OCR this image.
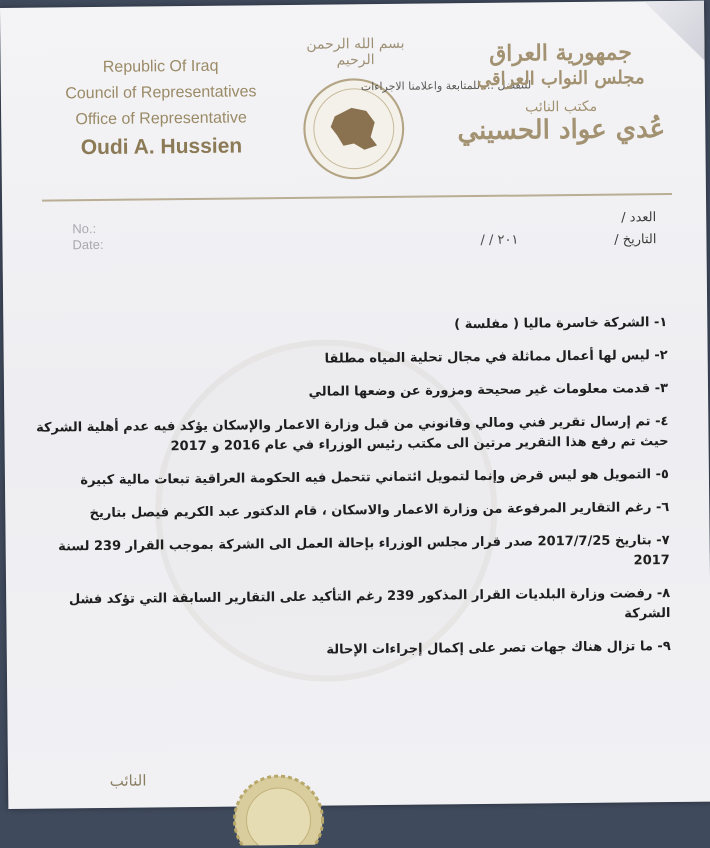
Republic Of Iraq
Council of Representatives
Office of Representative
Oudi A. Hussien
بسم الله الرحمن الرحيم
للتفضل ... للمتابعة واعلامنا الاجراءات
جمهورية العراق
مجلس النواب العراقي
مكتب النائب
عُدي عواد الحسيني
No.:
Date:
العدد /
التاريخ /
/ / ٢٠١
١- الشركة خاسرة ماليا ( مفلسة )
٢- ليس لها أعمال مماثلة في مجال تحلية المياه مطلقا
٣- قدمت معلومات غير صحيحة ومزورة عن وضعها المالي
٤- تم إرسال تقرير فني ومالي وقانوني من قبل وزارة الاعمار والإسكان يؤكد فيه عدم أهلية الشركة حيث تم رفع هذا التقرير مرتين الى مكتب رئيس الوزراء في عام 2016 و 2017
٥- التمويل هو ليس قرض وإنما لتمويل ائتماني تتحمل فيه الحكومة العراقية تبعات مالية كبيرة
٦- رغم التقارير المرفوعة من وزارة الاعمار والاسكان ، قام الدكتور عبد الكريم فيصل بتاريخ
٧- بتاريخ 2017/7/25 صدر قرار مجلس الوزراء بإحالة العمل الى الشركة بموجب القرار 239 لسنة 2017
٨- رفضت وزارة البلديات القرار المذكور 239 رغم التأكيد على التقارير السابقة التي تؤكد فشل الشركة
٩- ما تزال هناك جهات تصر على إكمال إجراءات الإحالة
النائب
